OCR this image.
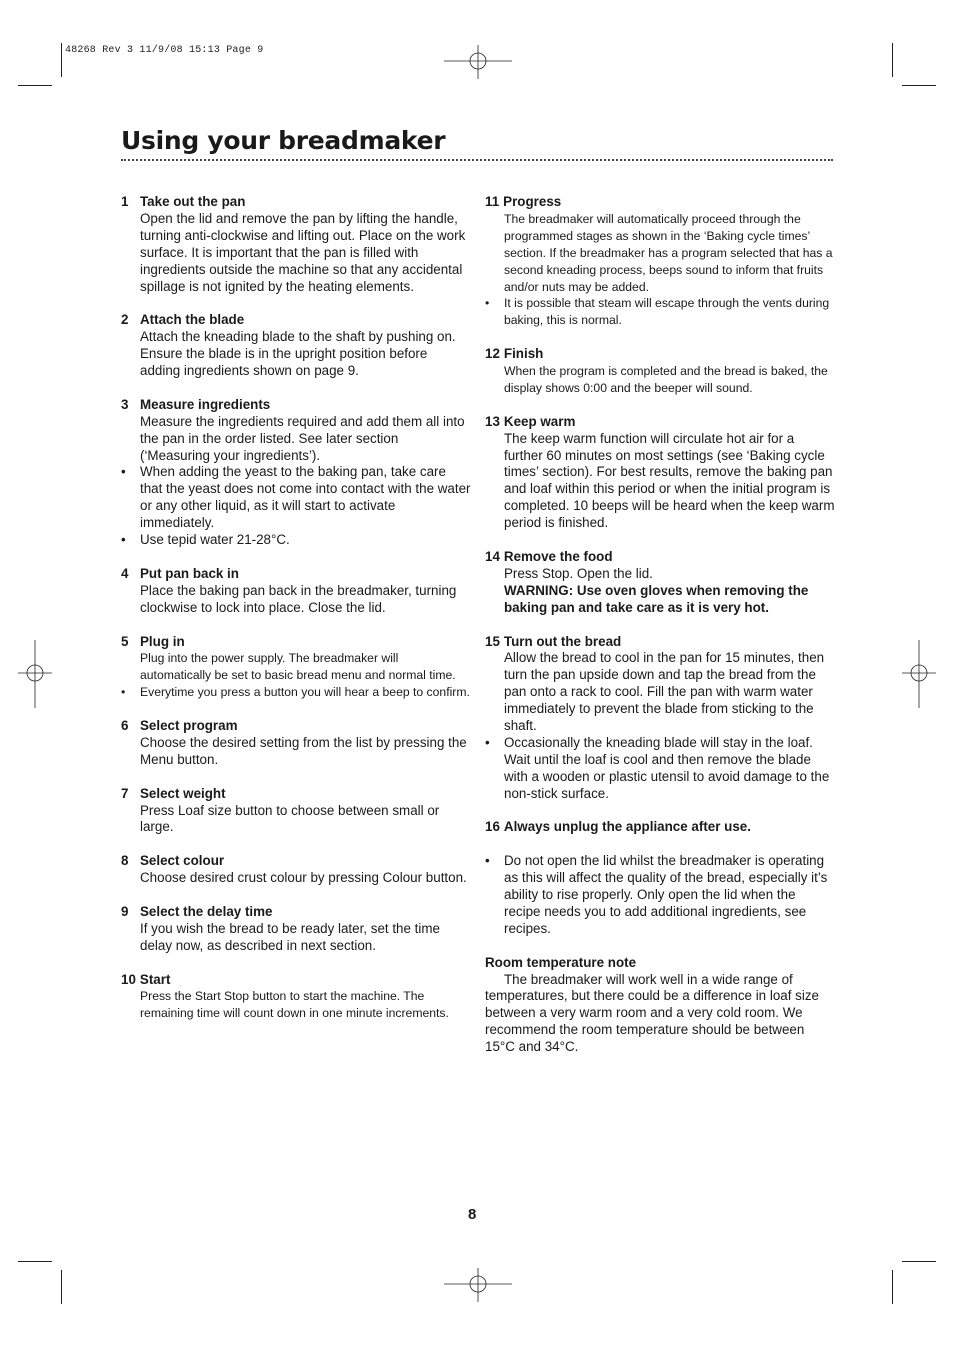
48268 Rev 3 11/9/08 15:13 Page 9
Using your breadmaker
1 Take out the pan
Open the lid and remove the pan by lifting the handle, turning anti-clockwise and lifting out. Place on the work surface. It is important that the pan is filled with ingredients outside the machine so that any accidental spillage is not ignited by the heating elements.
2 Attach the blade
Attach the kneading blade to the shaft by pushing on. Ensure the blade is in the upright position before adding ingredients shown on page 9.
3 Measure ingredients
Measure the ingredients required and add them all into the pan in the order listed. See later section (‘Measuring your ingredients’).
•	When adding the yeast to the baking pan, take care that the yeast does not come into contact with the water or any other liquid, as it will start to activate immediately.
•	Use tepid water 21-28°C.
4 Put pan back in
Place the baking pan back in the breadmaker, turning clockwise to lock into place. Close the lid.
5 Plug in
Plug into the power supply. The breadmaker will automatically be set to basic bread menu and normal time.
•	Everytime you press a button you will hear a beep to confirm.
6 Select program
Choose the desired setting from the list by pressing the Menu button.
7 Select weight
Press Loaf size button to choose between small or large.
8 Select colour
Choose desired crust colour by pressing Colour button.
9 Select the delay time
If you wish the bread to be ready later, set the time delay now, as described in next section.
10 Start
Press the Start Stop button to start the machine. The remaining time will count down in one minute increments.
11 Progress
The breadmaker will automatically proceed through the programmed stages as shown in the ‘Baking cycle times’ section. If the breadmaker has a program selected that has a second kneading process, beeps sound to inform that fruits and/or nuts may be added.
•	It is possible that steam will escape through the vents during baking, this is normal.
12 Finish
When the program is completed and the bread is baked, the display shows 0:00 and the beeper will sound.
13 Keep warm
The keep warm function will circulate hot air for a further 60 minutes on most settings (see ‘Baking cycle times’ section). For best results, remove the baking pan and loaf within this period or when the initial program is completed. 10 beeps will be heard when the keep warm period is finished.
14 Remove the food
Press Stop. Open the lid.
WARNING: Use oven gloves when removing the baking pan and take care as it is very hot.
15 Turn out the bread
Allow the bread to cool in the pan for 15 minutes, then turn the pan upside down and tap the bread from the pan onto a rack to cool. Fill the pan with warm water immediately to prevent the blade from sticking to the shaft.
•	Occasionally the kneading blade will stay in the loaf. Wait until the loaf is cool and then remove the blade with a wooden or plastic utensil to avoid damage to the non-stick surface.
16 Always unplug the appliance after use.
•	Do not open the lid whilst the breadmaker is operating as this will affect the quality of the bread, especially it’s ability to rise properly. Only open the lid when the recipe needs you to add additional ingredients, see recipes.
Room temperature note
The breadmaker will work well in a wide range of temperatures, but there could be a difference in loaf size between a very warm room and a very cold room. We recommend the room temperature should be between 15°C and 34°C.
8
